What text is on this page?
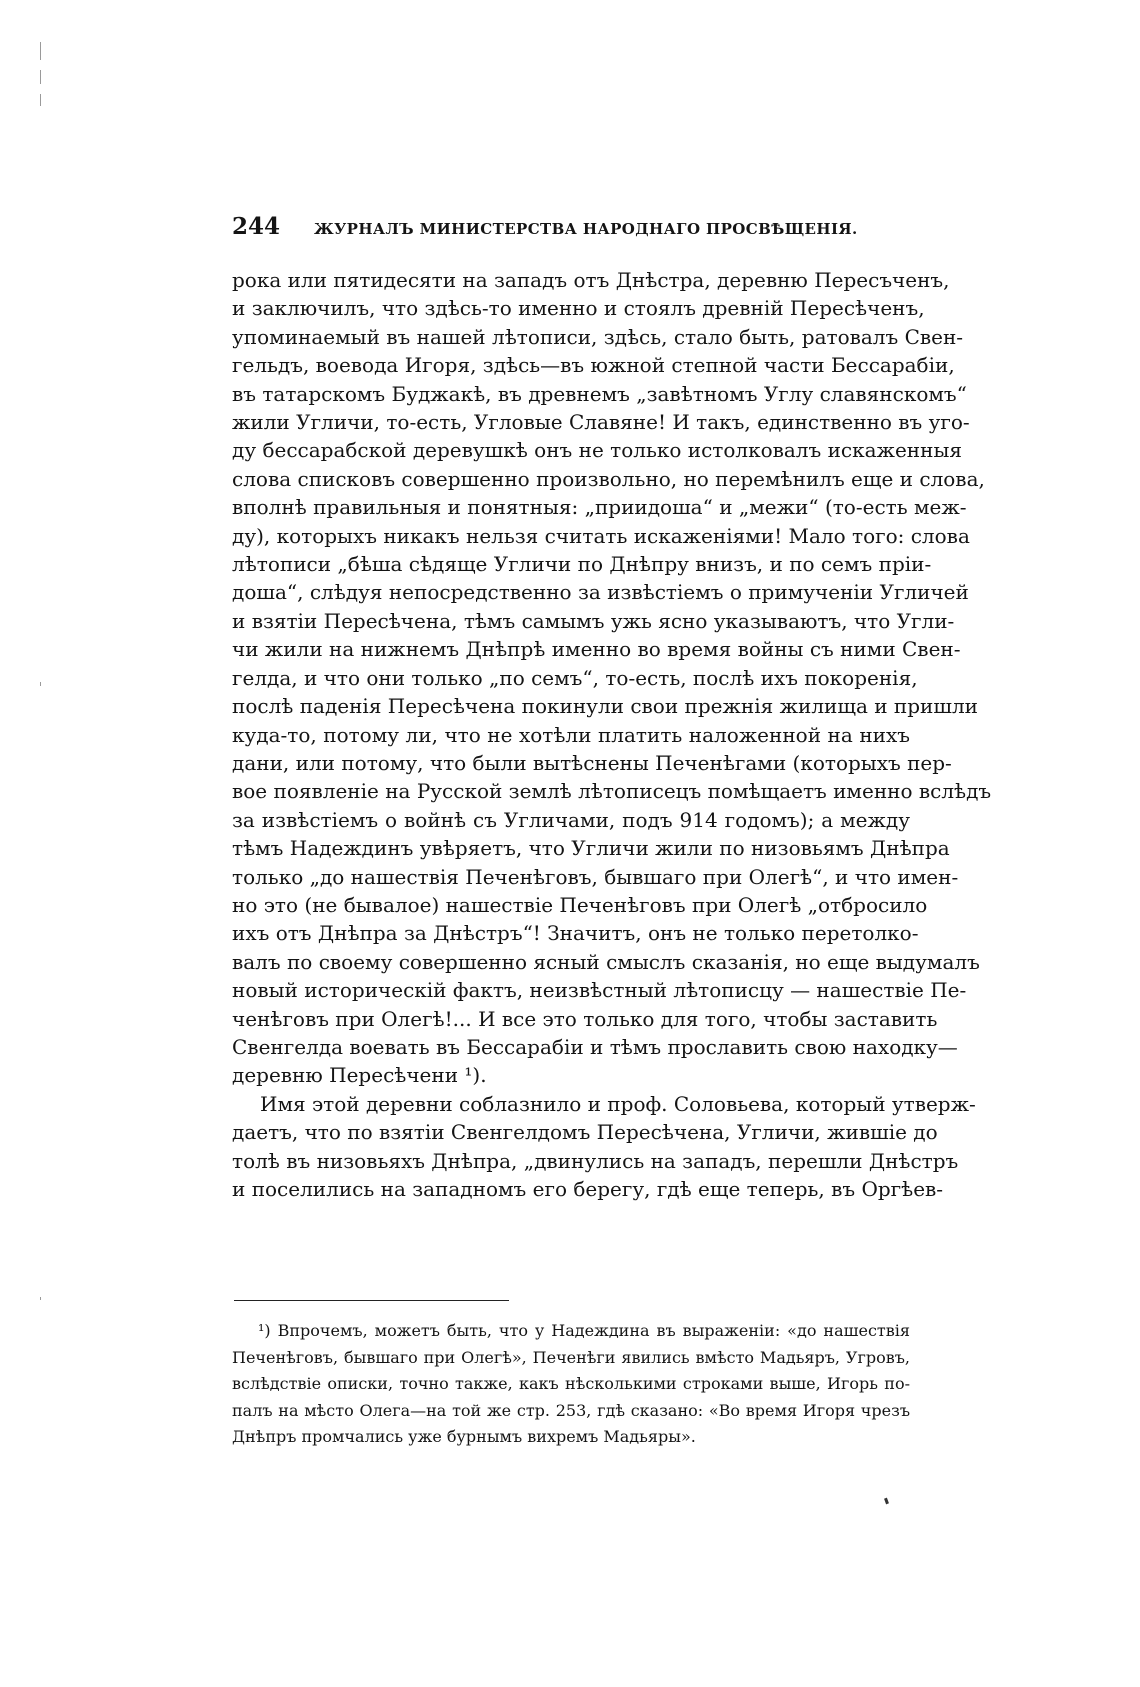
244 ЖУРНАЛЪ МИНИСТЕРСТВА НАРОДНАГО ПРОСВѢЩЕНІЯ.
рока или пятидесяти на западъ отъ Днѣстра, деревню Пересъченъ,
и заключилъ, что здѣсь-то именно и стоялъ древній Пересѣченъ,
упоминаемый въ нашей лѣтописи, здѣсь, стало быть, ратовалъ Свен-
гельдъ, воевода Игоря, здѣсь—въ южной степной части Бессарабіи,
въ татарскомъ Буджакѣ, въ древнемъ „завѣтномъ Углу славянскомъ“
жили Угличи, то-есть, Угловые Славяне! И такъ, единственно въ уго-
ду бессарабской деревушкѣ онъ не только истолковалъ искаженныя
слова списковъ совершенно произвольно, но перемѣнилъ еще и слова,
вполнѣ правильныя и понятныя: „приидоша“ и „межи“ (то-есть меж-
ду), которыхъ никакъ нельзя считать искаженіями! Мало того: слова
лѣтописи „бѣша сѣдяще Угличи по Днѣпру внизъ, и по семъ пріи-
доша“, слѣдуя непосредственно за извѣстіемъ о примученіи Угличей
и взятіи Пересѣчена, тѣмъ самымъ ужь ясно указываютъ, что Угли-
чи жили на нижнемъ Днѣпрѣ именно во время войны съ ними Свен-
гелда, и что они только „по семъ“, то-есть, послѣ ихъ покоренія,
послѣ паденія Пересѣчена покинули свои прежнія жилища и пришли
куда-то, потому ли, что не хотѣли платить наложенной на нихъ
дани, или потому, что были вытѣснены Печенѣгами (которыхъ пер-
вое появленіе на Русской землѣ лѣтописецъ помѣщаетъ именно вслѣдъ
за извѣстіемъ о войнѣ съ Угличами, подъ 914 годомъ); а между
тѣмъ Надеждинъ увѣряетъ, что Угличи жили по низовьямъ Днѣпра
только „до нашествія Печенѣговъ, бывшаго при Олегѣ“, и что имен-
но это (не бывалое) нашествіе Печенѣговъ при Олегѣ „отбросило
ихъ отъ Днѣпра за Днѣстръ“! Значитъ, онъ не только перетолко-
валъ по своему совершенно ясный смыслъ сказанія, но еще выдумалъ
новый историческій фактъ, неизвѣстный лѣтописцу — нашествіе Пе-
ченѣговъ при Олегѣ!... И все это только для того, чтобы заставить
Свенгелда воевать въ Бессарабіи и тѣмъ прославить свою находку—
деревню Пересѣчени ¹).
Имя этой деревни соблазнило и проф. Соловьева, который утверж-
даетъ, что по взятіи Свенгелдомъ Пересѣчена, Угличи, жившіе до
толѣ въ низовьяхъ Днѣпра, „двинулись на западъ, перешли Днѣстръ
и поселились на западномъ его берегу, гдѣ еще теперь, въ Оргѣев-
¹) Впрочемъ, можетъ быть, что у Надеждина въ выраженіи: «до нашествія
Печенѣговъ, бывшаго при Олегѣ», Печенѣги явились вмѣсто Мадьяръ, Угровъ,
вслѣдствіе описки, точно также, какъ нѣсколькими строками выше, Игорь по-
палъ на мѣсто Олега—на той же стр. 253, гдѣ сказано: «Во время Игоря чрезъ
Днѣпръ промчались уже бурнымъ вихремъ Мадьяры».
